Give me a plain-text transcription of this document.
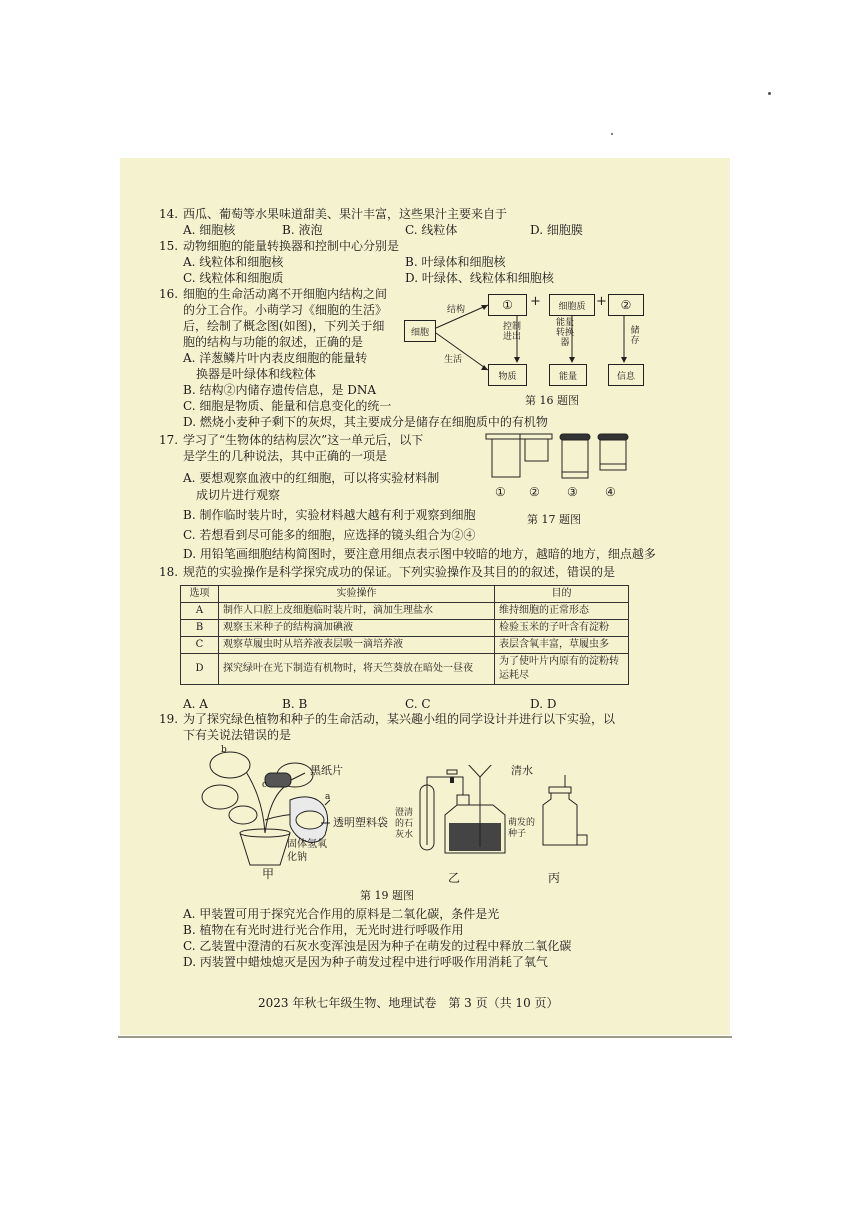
14. 西瓜、葡萄等水果味道甜美、果汁丰富，这些果汁主要来自于
A. 细胞核	B. 液泡	C. 线粒体	D. 细胞膜
15. 动物细胞的能量转换器和控制中心分别是
A. 线粒体和细胞核	B. 叶绿体和细胞核
C. 线粒体和细胞质	D. 叶绿体、线粒体和细胞核
16. 细胞的生命活动离不开细胞内结构之间
的分工合作。小萌学习《细胞的生活》
后，绘制了概念图(如图)，下列关于细
胞的结构与功能的叙述，正确的是
A. 洋葱鳞片叶内表皮细胞的能量转
换器是叶绿体和线粒体
B. 结构②内储存遗传信息，是 DNA
C. 细胞是物质、能量和信息变化的统一
D. 燃烧小麦种子剩下的灰烬，其主要成分是储存在细胞质中的有机物
细胞
结构
生活
①	+	细胞质 +	②
控制进出
能量转换器
储存
物质	能量	信息
第 16 题图
17. 学习了“生物体的结构层次”这一单元后，以下
是学生的几种说法，其中正确的一项是
A. 要想观察血液中的红细胞，可以将实验材料制
成切片进行观察
B. 制作临时装片时，实验材料越大越有利于观察到细胞
C. 若想看到尽可能多的细胞，应选择的镜头组合为②④
D. 用铅笔画细胞结构简图时，要注意用细点表示图中较暗的地方，越暗的地方，细点越多
① ② ③ ④
第 17 题图
18. 规范的实验操作是科学探究成功的保证。下列实验操作及其目的的叙述，错误的是
选项	实验操作	目的
A	制作人口腔上皮细胞临时装片时，滴加生理盐水	维持细胞的正常形态
B	观察玉米种子的结构滴加碘液	检验玉米的子叶含有淀粉
C	观察草履虫时从培养液表层吸一滴培养液	表层含氧丰富，草履虫多
D	探究绿叶在光下制造有机物时，将天竺葵放在暗处一昼夜	为了使叶片内原有的淀粉转运耗尽
A. A	B. B	C. C	D. D
19. 为了探究绿色植物和种子的生命活动，某兴趣小组的同学设计并进行以下实验，以
下有关说法错误的是
b
c
a
黑纸片
透明塑料袋
固体氢氧化钠
澄清的石灰水
清水
萌发的种子
甲	乙	丙
第 19 题图
A. 甲装置可用于探究光合作用的原料是二氧化碳，条件是光
B. 植物在有光时进行光合作用，无光时进行呼吸作用
C. 乙装置中澄清的石灰水变浑浊是因为种子在萌发的过程中释放二氧化碳
D. 丙装置中蜡烛熄灭是因为种子萌发过程中进行呼吸作用消耗了氧气
2023 年秋七年级生物、地理试卷　第 3 页（共 10 页）
